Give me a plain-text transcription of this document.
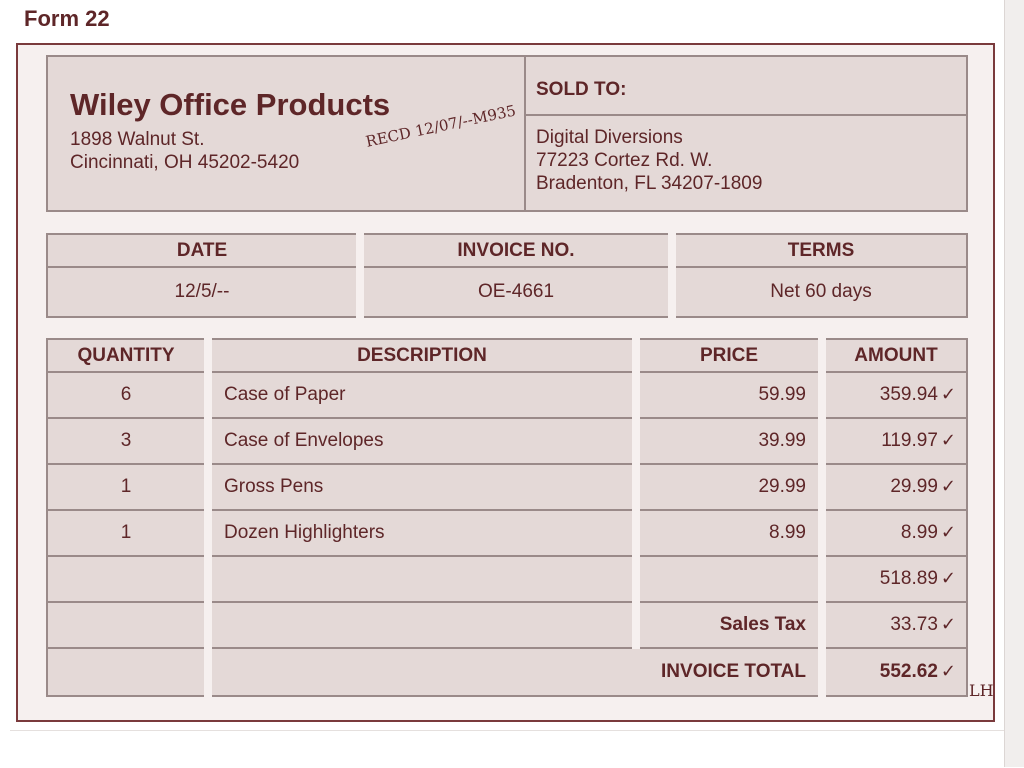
Form 22
Wiley Office Products
1898 Walnut St.
Cincinnati, OH 45202-5420
RECD 12/07/--M935
SOLD TO:
Digital Diversions
77223 Cortez Rd. W.
Bradenton, FL 34207-1809
DATE	INVOICE NO.	TERMS
12/5/--	OE-4661	Net 60 days
QUANTITY	DESCRIPTION	PRICE	AMOUNT
6	Case of Paper	59.99	359.94 ✓
3	Case of Envelopes	39.99	119.97 ✓
1	Gross Pens	29.99	29.99 ✓
1	Dozen Highlighters	8.99	8.99 ✓
			518.89 ✓
		Sales Tax	33.73 ✓
	INVOICE TOTAL		552.62 ✓
LH
